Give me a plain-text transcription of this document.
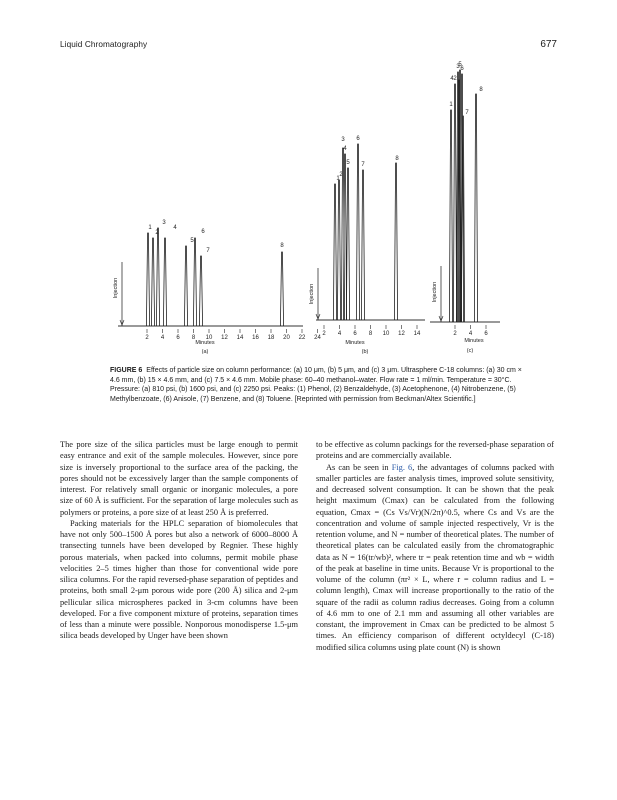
Liquid Chromatography	677
Injection
1
2
3
4
5
6
7
8
2 4 6 8 10 12 14 16 18 20 22 24
Minutes
(a)
Injection
1
2
3
4
5
6
7
8
2 4 6 8 10 12 14
Minutes
(b)
Injection
1
2
3
4
5
6
7
8
2 4 6
Minutes
(c)

FIGURE 6 Effects of particle size on column performance: (a) 10 μm, (b) 5 μm, and (c) 3 μm. Ultrasphere C-18 columns: (a) 30 cm × 4.6 mm, (b) 15 × 4.6 mm, and (c) 7.5 × 4.6 mm. Mobile phase: 60–40 methanol–water. Flow rate = 1 ml/min. Temperature = 30°C. Pressure: (a) 810 psi, (b) 1600 psi, and (c) 2250 psi. Peaks: (1) Phenol, (2) Benzaldehyde, (3) Acetophenone, (4) Nitrobenzene, (5) Methylbenzoate, (6) Anisole, (7) Benzene, and (8) Toluene. [Reprinted with permission from Beckman/Altex Scientific.]

The pore size of the silica particles must be large enough to permit easy entrance and exit of the sample molecules. However, since pore size is inversely proportional to the surface area of the packing, the pores should not be excessively larger than the sample components of interest. For relatively small organic or inorganic molecules, a pore size of 60 Å is sufficient. For the separation of large molecules such as polymers or proteins, a pore size of at least 250 Å is preferred.

Packing materials for the HPLC separation of biomolecules that have not only 500–1500 Å pores but also a network of 6000–8000 Å transecting tunnels have been developed by Regnier. These highly porous materials, when packed into columns, permit mobile phase velocities 2–5 times higher than those for conventional wide pore silica columns. For the rapid reversed-phase separation of peptides and proteins, both small 2-μm porous wide pore (200 Å) silica and 2-μm pellicular silica microspheres packed in 3-cm columns have been developed. For a five component mixture of proteins, separation times of less than a minute were possible. Nonporous monodisperse 1.5-μm silica beads developed by Unger have been shown

to be effective as column packings for the reversed-phase separation of proteins and are commercially available.

As can be seen in Fig. 6, the advantages of columns packed with smaller particles are faster analysis times, improved solute sensitivity, and decreased solvent consumption. It can be shown that the peak height maximum (Cmax) can be calculated from the following equation, Cmax = (Cs Vs/Vr)(N/2π)^0.5, where Cs and Vs are the concentration and volume of sample injected respectively, Vr is the retention volume, and N = number of theoretical plates. The number of theoretical plates can be calculated easily from the chromatographic data as N = 16(tr/wb)², where tr = peak retention time and wb = width of the peak at baseline in time units. Because Vr is proportional to the volume of the column (πr² × L, where r = column radius and L = column length), Cmax will increase proportionally to the ratio of the square of the radii as column radius decreases. Going from a column of 4.6 mm to one of 2.1 mm and assuming all other variables are constant, the improvement in Cmax can be predicted to be almost 5 times. An efficiency comparison of different octyldecyl (C-18) modified silica columns using plate count (N) is shown
